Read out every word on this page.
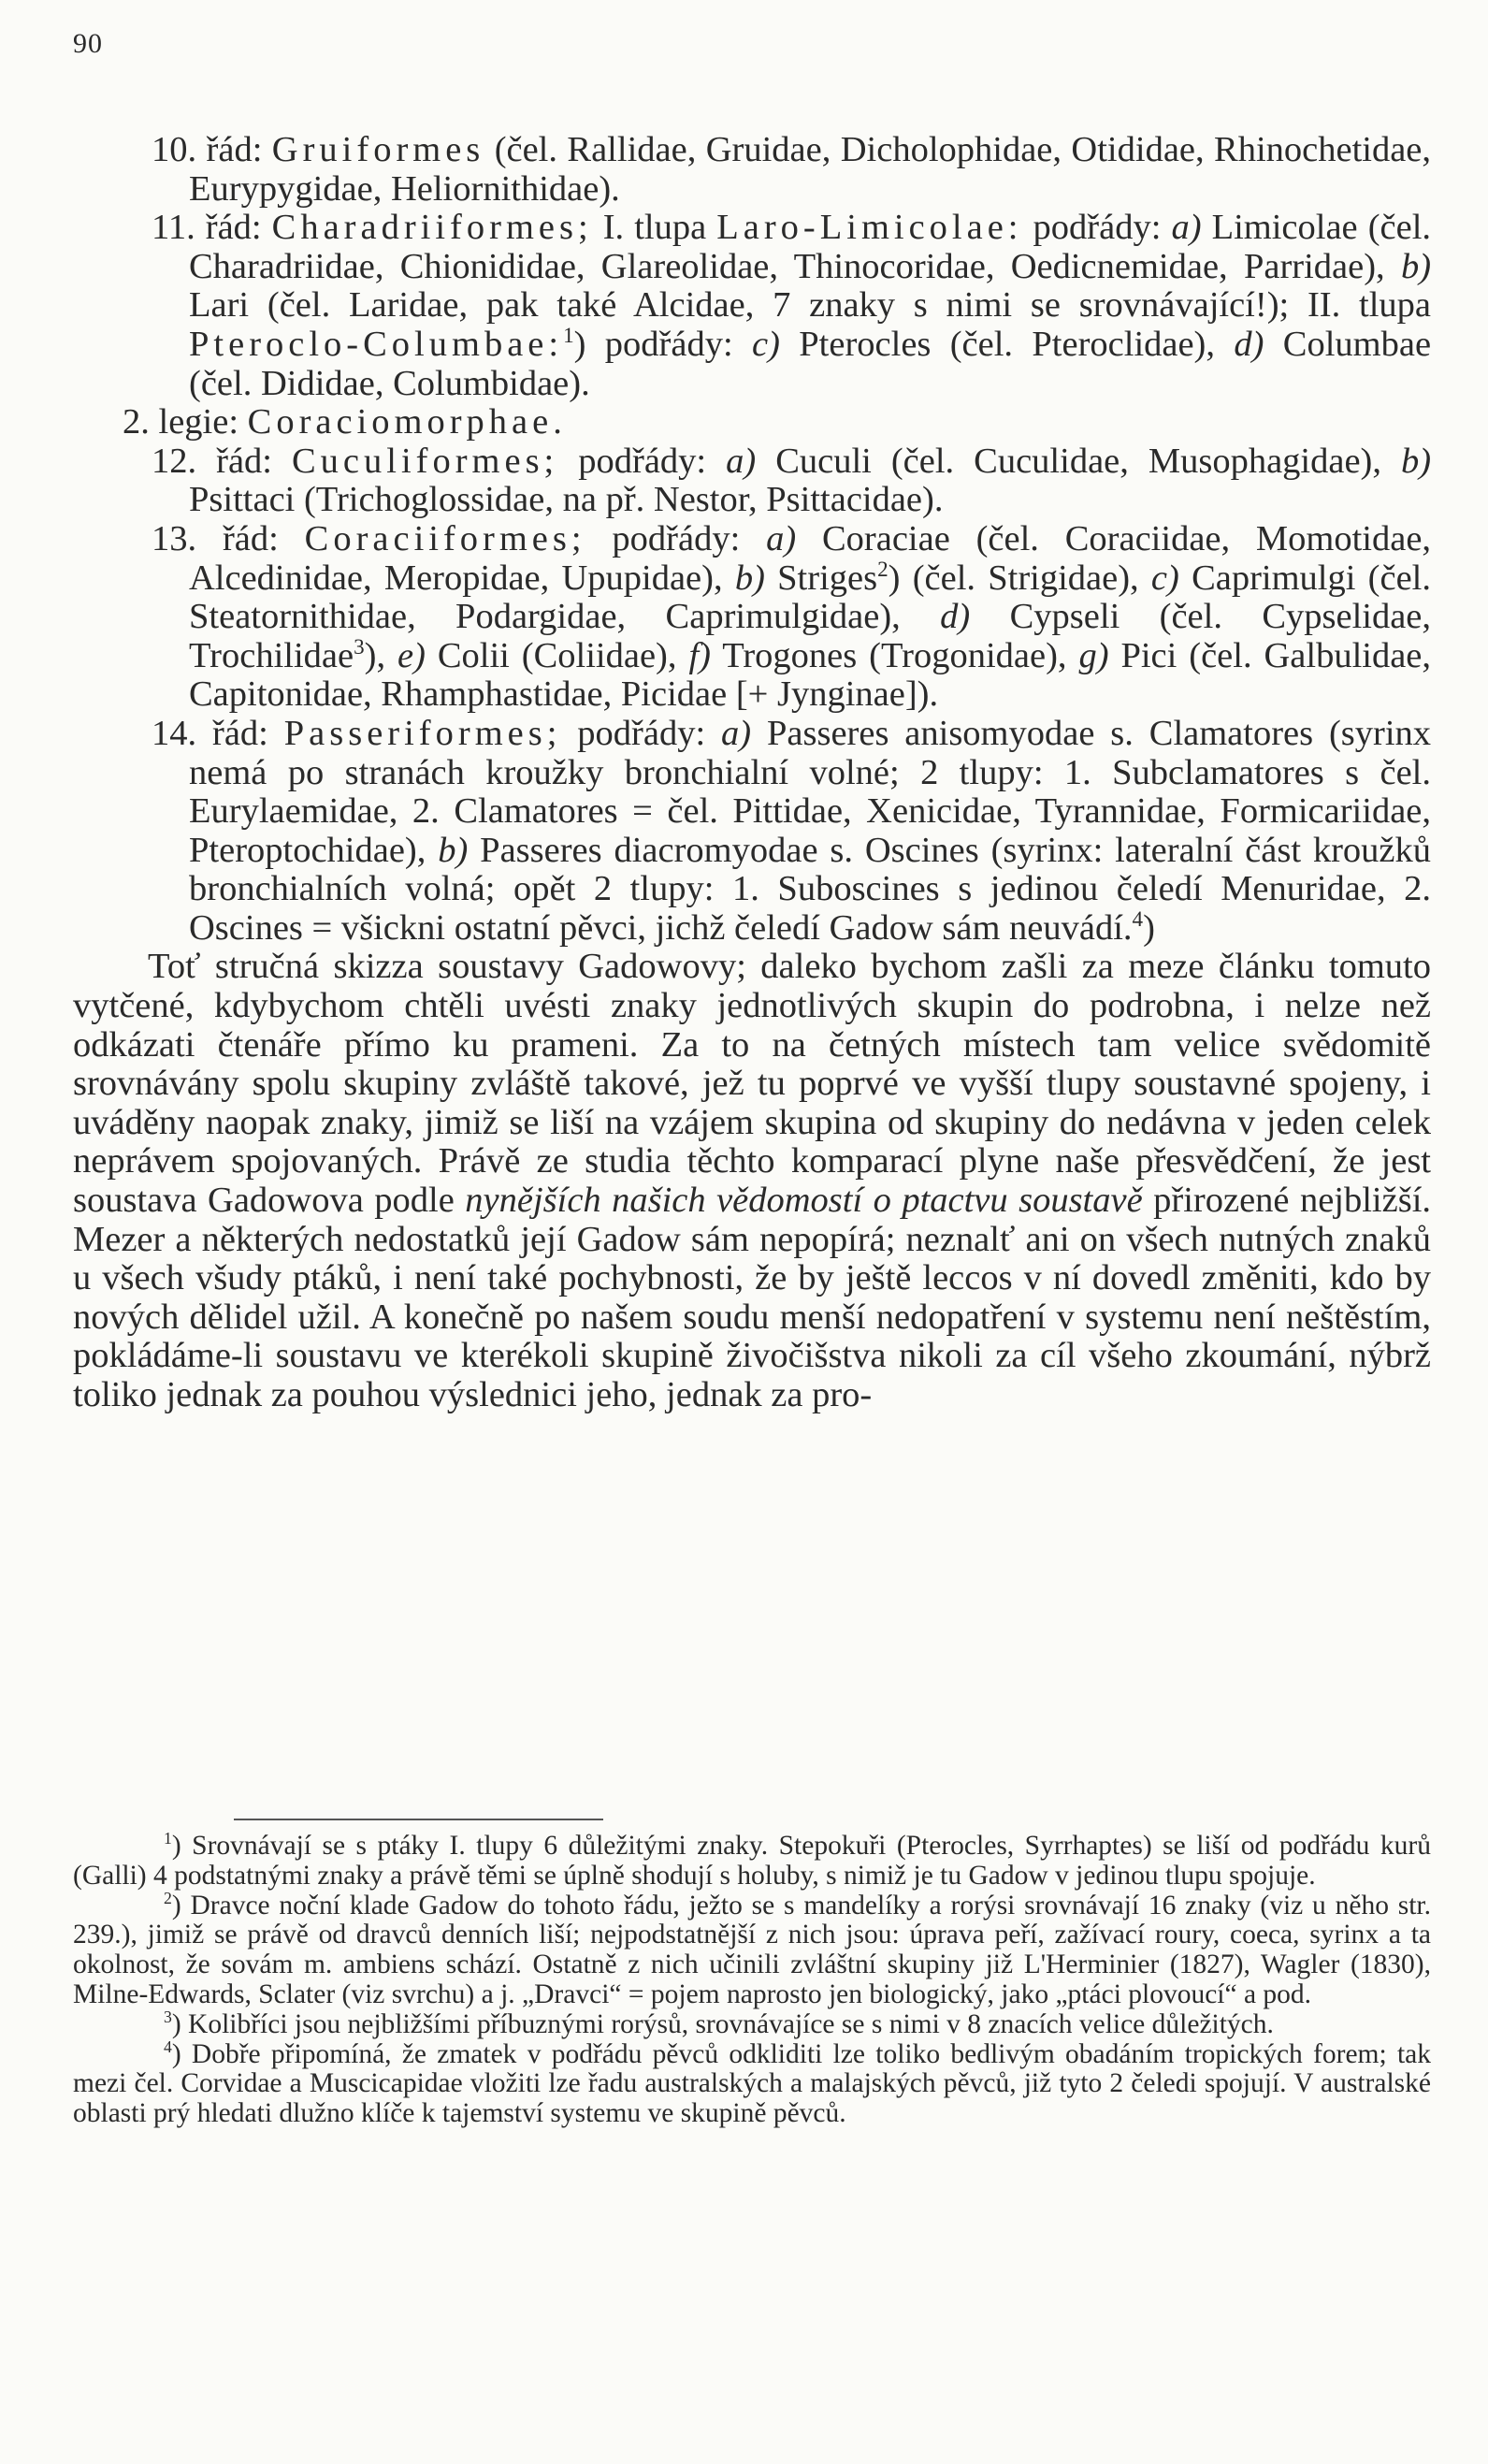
90

10. řád: Gruiformes (čel. Rallidae, Gruidae, Dicholophidae, Otididae, Rhinochetidae, Eurypygidae, Heliornithidae).

11. řád: Charadriiformes; I. tlupa Laro-Limicolae: podřády: a) Limicolae (čel. Charadriidae, Chionididae, Glareolidae, Thinocoridae, Oedicnemidae, Parridae), b) Lari (čel. Laridae, pak také Alcidae, 7 znaky s nimi se srovnávající!); II. tlupa Pteroclo-Columbae:$^1$) podřády: c) Pterocles (čel. Pteroclidae), d) Columbae (čel. Dididae, Columbidae).

2. legie: Coraciomorphae.

12. řád: Cuculiformes; podřády: a) Cuculi (čel. Cuculidae, Musophagidae), b) Psittaci (Trichoglossidae, na př. Nestor, Psittacidae).

13. řád: Coraciiformes; podřády: a) Coraciae (čel. Coraciidae, Momotidae, Alcedinidae, Meropidae, Upupidae), b) Striges$^2$) (čel. Strigidae), c) Caprimulgi (čel. Steatornithidae, Podargidae, Caprimulgidae), d) Cypseli (čel. Cypselidae, Trochilidae$^3$), e) Colii (Coliidae), f) Trogones (Trogonidae), g) Pici (čel. Galbulidae, Capitonidae, Rhamphastidae, Picidae [+ Jynginae]).

14. řád: Passeriformes; podřády: a) Passeres anisomyodae s. Clamatores (syrinx nemá po stranách kroužky bronchialní volné; 2 tlupy: 1. Subclamatores s čel. Eurylaemidae, 2. Clamatores = čel. Pittidae, Xenicidae, Tyrannidae, Formicariidae, Pteroptochidae), b) Passeres diacromyodae s. Oscines (syrinx: lateralní část kroužků bronchialních volná; opět 2 tlupy: 1. Suboscines s jedinou čeledí Menuridae, 2. Oscines = všickni ostatní pěvci, jichž čeledí Gadow sám neuvádí.$^4$)

Toť stručná skizza soustavy Gadowovy; daleko bychom zašli za meze článku tomuto vytčené, kdybychom chtěli uvésti znaky jednotlivých skupin do podrobna, i nelze než odkázati čtenáře přímo ku prameni. Za to na četných místech tam velice svědomitě srovnávány spolu skupiny zvláště takové, jež tu poprvé ve vyšší tlupy soustavné spojeny, i uváděny naopak znaky, jimiž se liší na vzájem skupina od skupiny do nedávna v jeden celek neprávem spojovaných. Právě ze studia těchto komparací plyne naše přesvědčení, že jest soustava Gadowova podle nynějších našich vědomostí o ptactvu soustavě přirozené nejbližší. Mezer a některých nedostatků její Gadow sám nepopírá; neznalť ani on všech nutných znaků u všech všudy ptáků, i není také pochybnosti, že by ještě leccos v ní dovedl změniti, kdo by nových dělidel užil. A konečně po našem soudu menší nedopatření v systemu není neštěstím, pokládáme-li soustavu ve kterékoli skupině živočišstva nikoli za cíl všeho zkoumání, nýbrž toliko jednak za pouhou výslednici jeho, jednak za pro-

$^1$) Srovnávají se s ptáky I. tlupy 6 důležitými znaky. Stepokuři (Pterocles, Syrrhaptes) se liší od podřádu kurů (Galli) 4 podstatnými znaky a právě těmi se úplně shodují s holuby, s nimiž je tu Gadow v jedinou tlupu spojuje.

$^2$) Dravce noční klade Gadow do tohoto řádu, ježto se s mandelíky a rorýsi srovnávají 16 znaky (viz u něho str. 239.), jimiž se právě od dravců denních liší; nejpodstatnější z nich jsou: úprava peří, zažívací roury, coeca, syrinx a ta okolnost, že sovám m. ambiens schází. Ostatně z nich učinili zvláštní skupiny již L'Herminier (1827), Wagler (1830), Milne-Edwards, Sclater (viz svrchu) a j. „Dravci“ = pojem naprosto jen biologický, jako „ptáci plovoucí“ a pod.

$^3$) Kolibříci jsou nejbližšími příbuznými rorýsů, srovnávajíce se s nimi v 8 znacích velice důležitých.

$^4$) Dobře připomíná, že zmatek v podřádu pěvců odkliditi lze toliko bedlivým obadáním tropických forem; tak mezi čel. Corvidae a Muscicapidae vložiti lze řadu australských a malajských pěvců, již tyto 2 čeledi spojují. V australské oblasti prý hledati dlužno klíče k tajemství systemu ve skupině pěvců.
